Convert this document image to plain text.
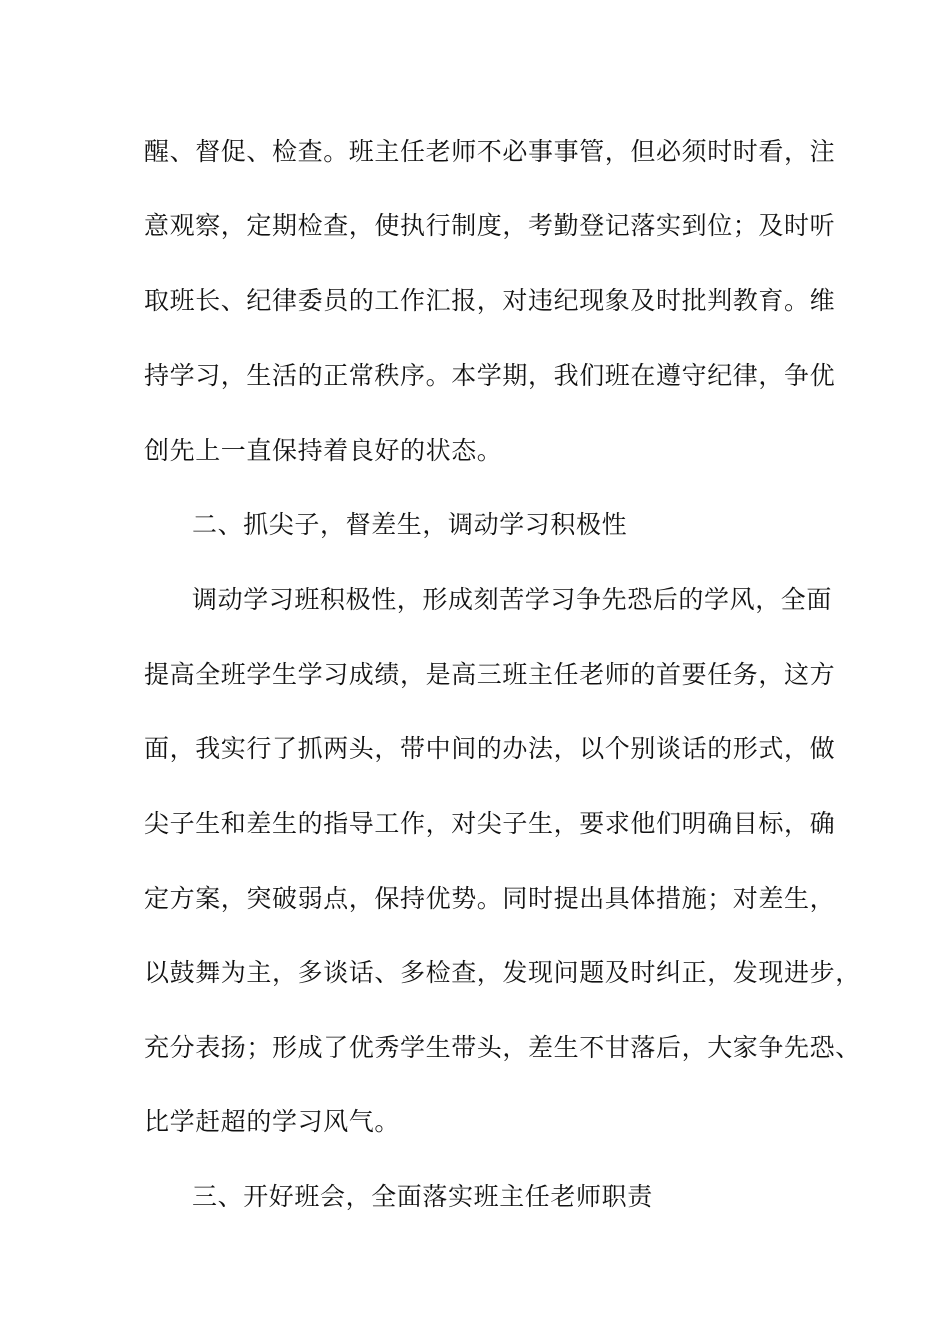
醒、督促、检查。班主任老师不必事事管，但必须时时看，注
意观察，定期检查，使执行制度，考勤登记落实到位；及时听
取班长、纪律委员的工作汇报，对违纪现象及时批判教育。维
持学习，生活的正常秩序。本学期，我们班在遵守纪律，争优
创先上一直保持着良好的状态。
二、抓尖子，督差生，调动学习积极性
调动学习班积极性，形成刻苦学习争先恐后的学风，全面
提高全班学生学习成绩，是高三班主任老师的首要任务，这方
面，我实行了抓两头，带中间的办法，以个别谈话的形式，做
尖子生和差生的指导工作，对尖子生，要求他们明确目标，确
定方案，突破弱点，保持优势。同时提出具体措施；对差生，
以鼓舞为主，多谈话、多检查，发现问题及时纠正，发现进步，
充分表扬；形成了优秀学生带头，差生不甘落后，大家争先恐、
比学赶超的学习风气。
三、开好班会，全面落实班主任老师职责
